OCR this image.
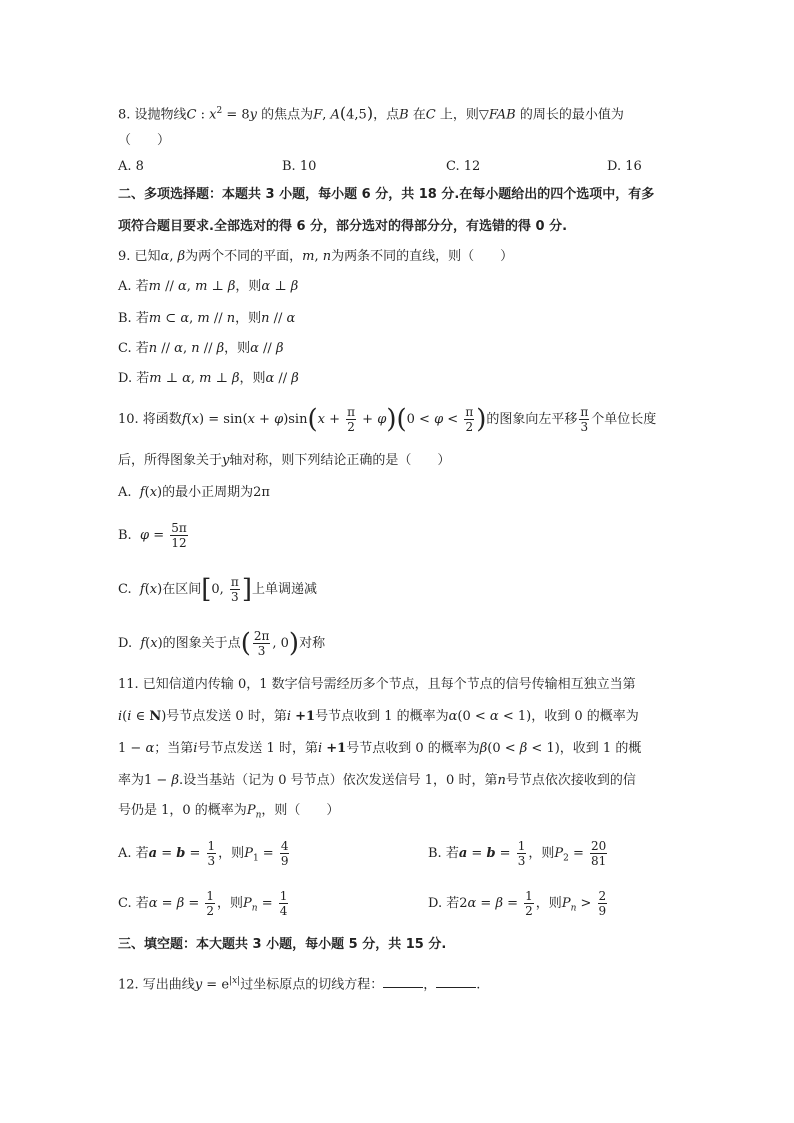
8. 设抛物线C : $x^2 = 8y$ 的焦点为F, A(4,5)，点B 在C 上，则▽FAB 的周长的最小值为
（　　）
A. 8	B. 10	C. 12	D. 16
二、多项选择题：本题共 3 小题，每小题 6 分，共 18 分.在每小题给出的四个选项中，有多
项符合题目要求.全部选对的得 6 分，部分选对的得部分分，有选错的得 0 分.
9. 已知α, β为两个不同的平面，m, n为两条不同的直线，则（　　）
A. 若m // α, m ⊥ β，则α ⊥ β
B. 若m ⊂ α, m // n，则n // α
C. 若n // α, n // β，则α // β
D. 若m ⊥ α, m ⊥ β，则α // β
10. 将函数$f(x) = \sin(x + \varphi)\sin(x + \frac{\pi}{2} + \varphi)(0 < \varphi < \frac{\pi}{2}$ )的图象向左平移 $\frac{\pi}{3}$ 个单位长度
后，所得图象关于y轴对称，则下列结论正确的是（　　）
A. f(x)的最小正周期为2π
B. $\varphi = \frac{5\pi}{12}$
C. f(x)在区间[0, $\frac{\pi}{3}$ ]上单调递减
D. f(x)的图象关于点( $\frac{2\pi}{3}$ , 0)对称
11. 已知信道内传输 0，1 数字信号需经历多个节点，且每个节点的信号传输相互独立当第
i(i ∈ N)号节点发送 0 时，第i +1号节点收到 1 的概率为α(0 < α < 1)，收到 0 的概率为
1 − α；当第i号节点发送 1 时，第i +1号节点收到 0 的概率为β(0 < β < 1)，收到 1 的概
率为1 − β.设当基站（记为 0 号节点）依次发送信号 1，0 时，第n号节点依次接收到的信
号仍是 1，0 的概率为$P_n$，则（　　）
A. 若$a = b = \frac{1}{3}$ ，则$P_1 = \frac{4}{9}$	B. 若$a = b = \frac{1}{3}$ ，则$P_2 = \frac{20}{81}$
C. 若$\alpha = \beta = \frac{1}{2}$ ，则$P_n = \frac{1}{4}$	D. 若$2\alpha = \beta = \frac{1}{2}$ ，则$P_n > \frac{2}{9}$
三、填空题：本大题共 3 小题，每小题 5 分，共 15 分.
12. 写出曲线$y = e^{|x|}$过坐标原点的切线方程：	，	.
